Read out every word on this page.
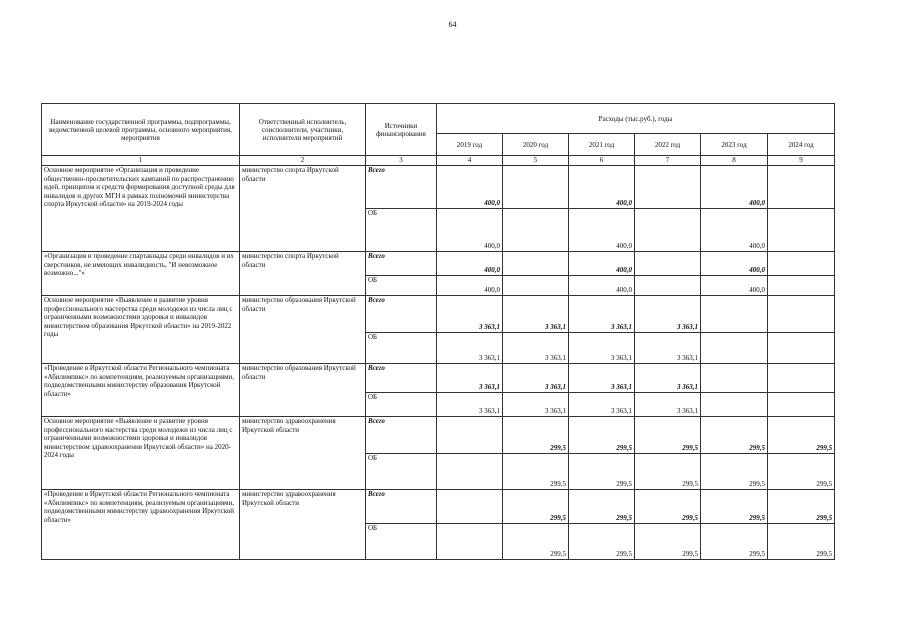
64
Наименование государственной программы, подпрограммы, ведомственной целевой программы, основного мероприятия, мероприятия	Ответственный исполнитель, соисполнители, участники, исполнители мероприятий	Источники финансирования	Расходы (тыс.руб.), годы					
			2019 год	2020 год	2021 год	2022 год	2023 год	2024 год
1	2	3	4	5	6	7	8	9
Основное мероприятие «Организация и проведение общественно-просветительских кампаний по распространению идей, принципов и средств формирования доступной среды для инвалидов и других МГН в рамках полномочий министерства спорта Иркутской области» на 2019-2024 годы	министерство спорта Иркутской области	Всего	400,0		400,0		400,0	
		ОБ	400,0		400,0		400,0	
«Организация и проведение спартакиады среди инвалидов и их сверстников, не имеющих инвалидность, "И невозможное возможно..."»	министерство спорта Иркутской области	Всего	400,0		400,0		400,0	
		ОБ	400,0		400,0		400,0	
Основное мероприятие «Выявление и развитие уровня профессионального мастерства среди молодежи из числа лиц с ограниченными возможностями здоровья и инвалидов министерством образования Иркутской области» на 2019-2022 годы	министерство образования Иркутской области	Всего	3 363,1	3 363,1	3 363,1	3 363,1		
		ОБ	3 363,1	3 363,1	3 363,1	3 363,1		
«Проведение в Иркутской области Регионального чемпионата «Абилимпикс» по компетенциям, реализуемым организациями, подведомственными министерству образования Иркутской области»	министерство образования Иркутской области	Всего	3 363,1	3 363,1	3 363,1	3 363,1		
		ОБ	3 363,1	3 363,1	3 363,1	3 363,1		
Основное мероприятие «Выявление и развитие уровня профессионального мастерства среди молодежи из числа лиц с ограниченными возможностями здоровья и инвалидов министерством здравоохранения Иркутской области» на 2020-2024 годы	министерство здравоохранения Иркутской области	Всего		299,5	299,5	299,5	299,5	299,5
		ОБ		299,5	299,5	299,5	299,5	299,5
«Проведение в Иркутской области Регионального чемпионата «Абилимпикс» по компетенциям, реализуемым организациями, подведомственными министерству здравоохранения Иркутской области»	министерство здравоохранения Иркутской области	Всего		299,5	299,5	299,5	299,5	299,5
		ОБ		299,5	299,5	299,5	299,5	299,5
